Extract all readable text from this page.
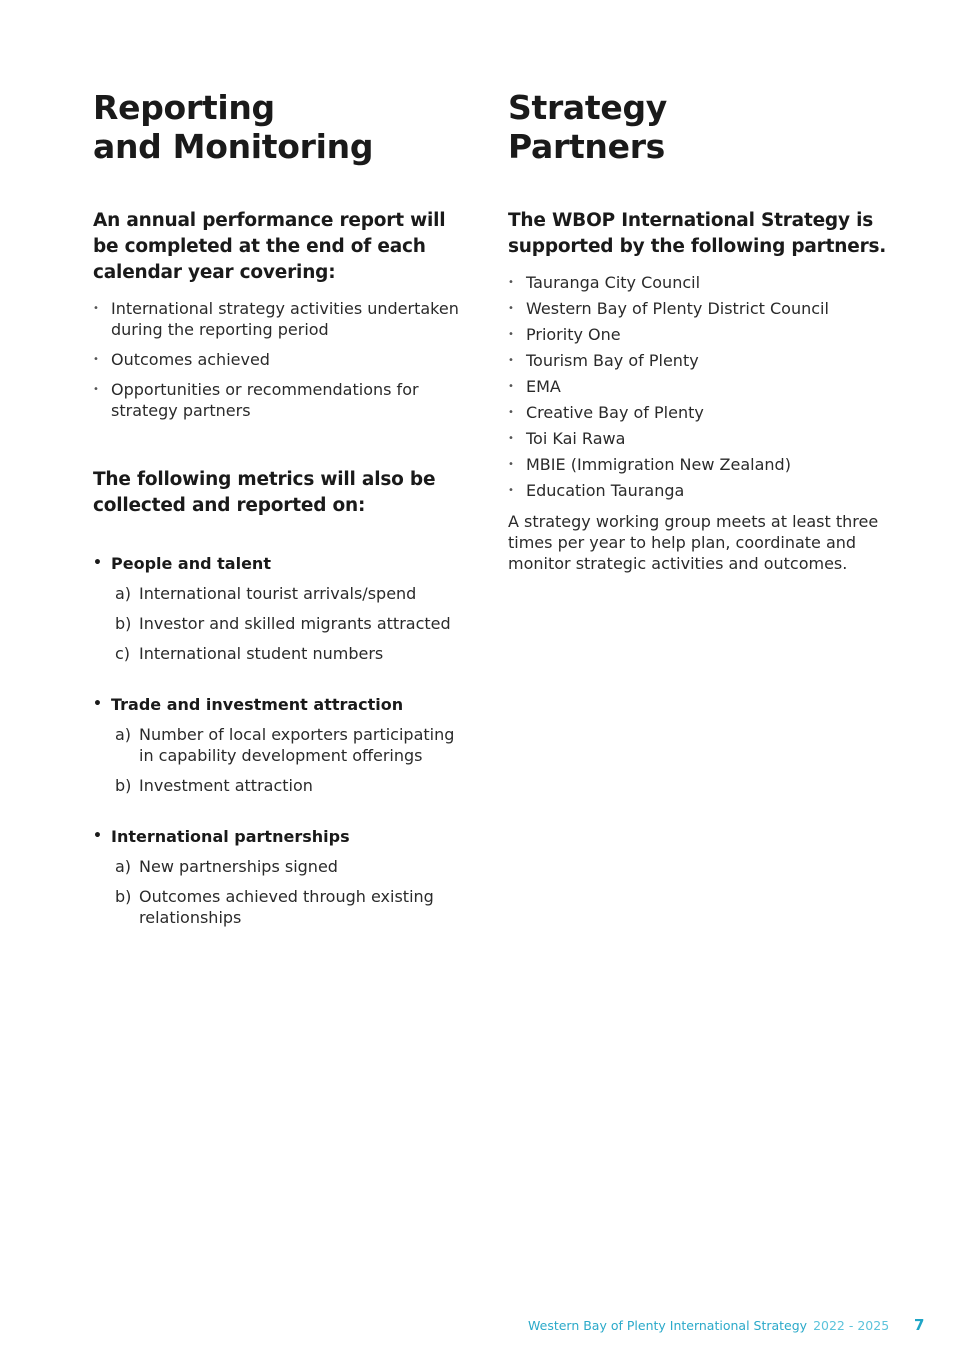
Reporting
and Monitoring

An annual performance report will be completed at the end of each calendar year covering:

• International strategy activities undertaken during the reporting period
• Outcomes achieved
• Opportunities or recommendations for strategy partners

The following metrics will also be collected and reported on:

• People and talent
a) International tourist arrivals/spend
b) Investor and skilled migrants attracted
c) International student numbers
• Trade and investment attraction
a) Number of local exporters participating in capability development offerings
b) Investment attraction
• International partnerships
a) New partnerships signed
b) Outcomes achieved through existing relationships
Strategy
Partners

The WBOP International Strategy is supported by the following partners.

• Tauranga City Council
• Western Bay of Plenty District Council
• Priority One
• Tourism Bay of Plenty
• EMA
• Creative Bay of Plenty
• Toi Kai Rawa
• MBIE (Immigration New Zealand)
• Education Tauranga

A strategy working group meets at least three times per year to help plan, coordinate and monitor strategic activities and outcomes.

Western Bay of Plenty International Strategy 2022 - 2025 7
